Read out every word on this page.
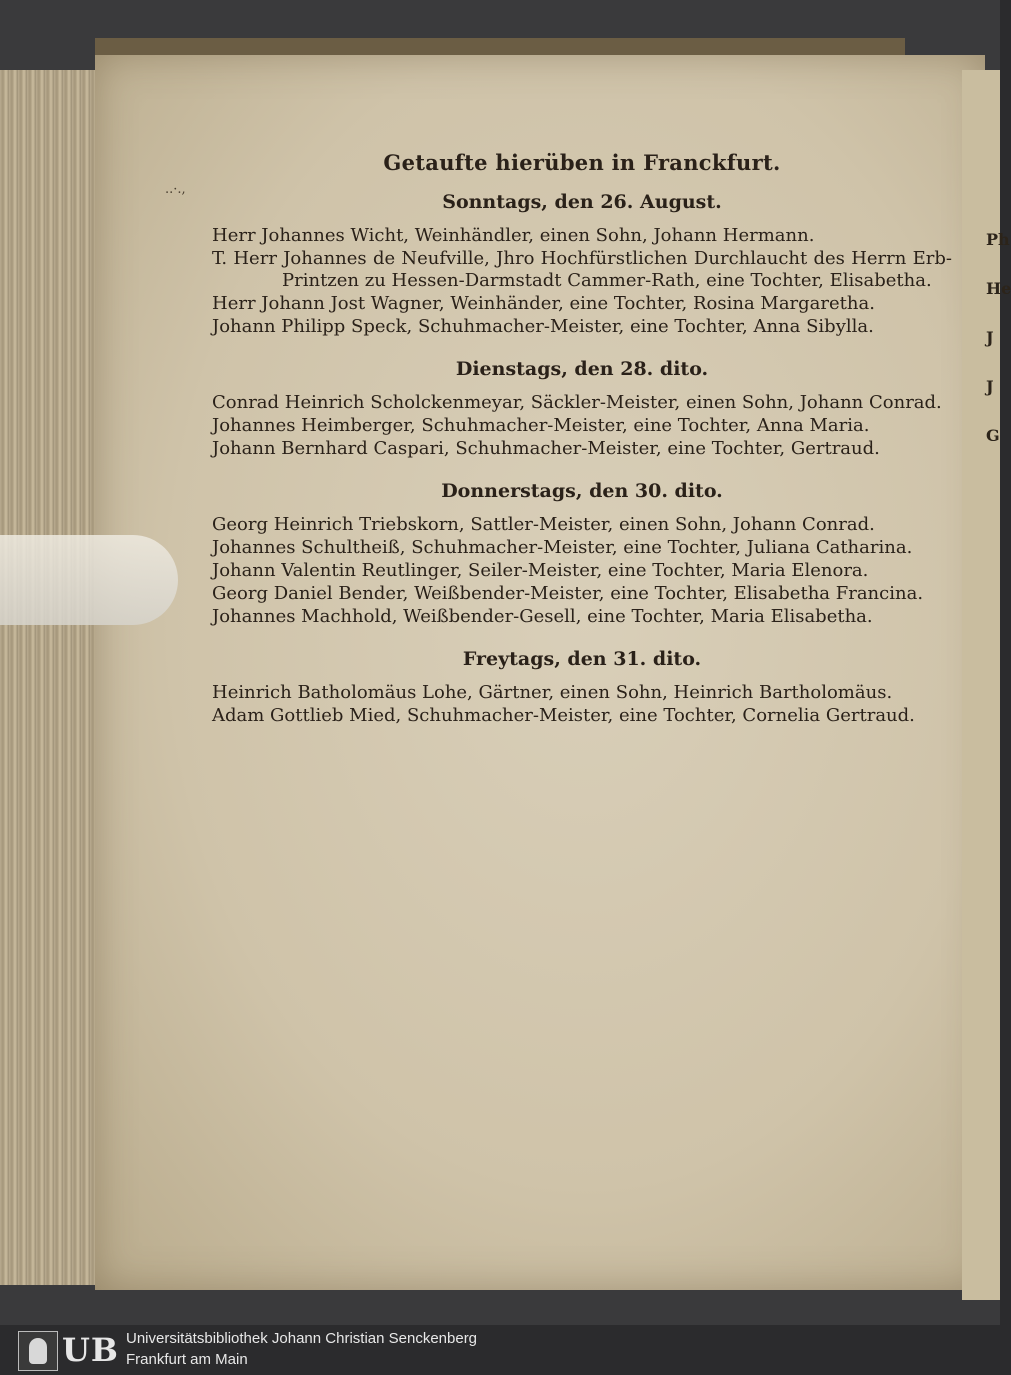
Ph
He
J
J
G
..·.,
Getaufte hierüben in Franckfurt.
Sonntags, den 26. August.
Herr Johannes Wicht, Weinhändler, einen Sohn, Johann Hermann.
T. Herr Johannes de Neufville, Jhro Hochfürstlichen Durchlaucht des Herrn Erb-Printzen zu Hessen-Darmstadt Cammer-Rath, eine Tochter, Elisabetha.
Herr Johann Jost Wagner, Weinhänder, eine Tochter, Rosina Margaretha.
Johann Philipp Speck, Schuhmacher-Meister, eine Tochter, Anna Sibylla.
Dienstags, den 28. dito.
Conrad Heinrich Scholckenmeyar, Säckler-Meister, einen Sohn, Johann Conrad.
Johannes Heimberger, Schuhmacher-Meister, eine Tochter, Anna Maria.
Johann Bernhard Caspari, Schuhmacher-Meister, eine Tochter, Gertraud.
Donnerstags, den 30. dito.
Georg Heinrich Triebskorn, Sattler-Meister, einen Sohn, Johann Conrad.
Johannes Schultheiß, Schuhmacher-Meister, eine Tochter, Juliana Catharina.
Johann Valentin Reutlinger, Seiler-Meister, eine Tochter, Maria Elenora.
Georg Daniel Bender, Weißbender-Meister, eine Tochter, Elisabetha Francina.
Johannes Machhold, Weißbender-Gesell, eine Tochter, Maria Elisabetha.
Freytags, den 31. dito.
Heinrich Batholomäus Lohe, Gärtner, einen Sohn, Heinrich Bartholomäus.
Adam Gottlieb Mied, Schuhmacher-Meister, eine Tochter, Cornelia Gertraud.
UB Universitätsbibliothek Johann Christian Senckenberg
Frankfurt am Main
